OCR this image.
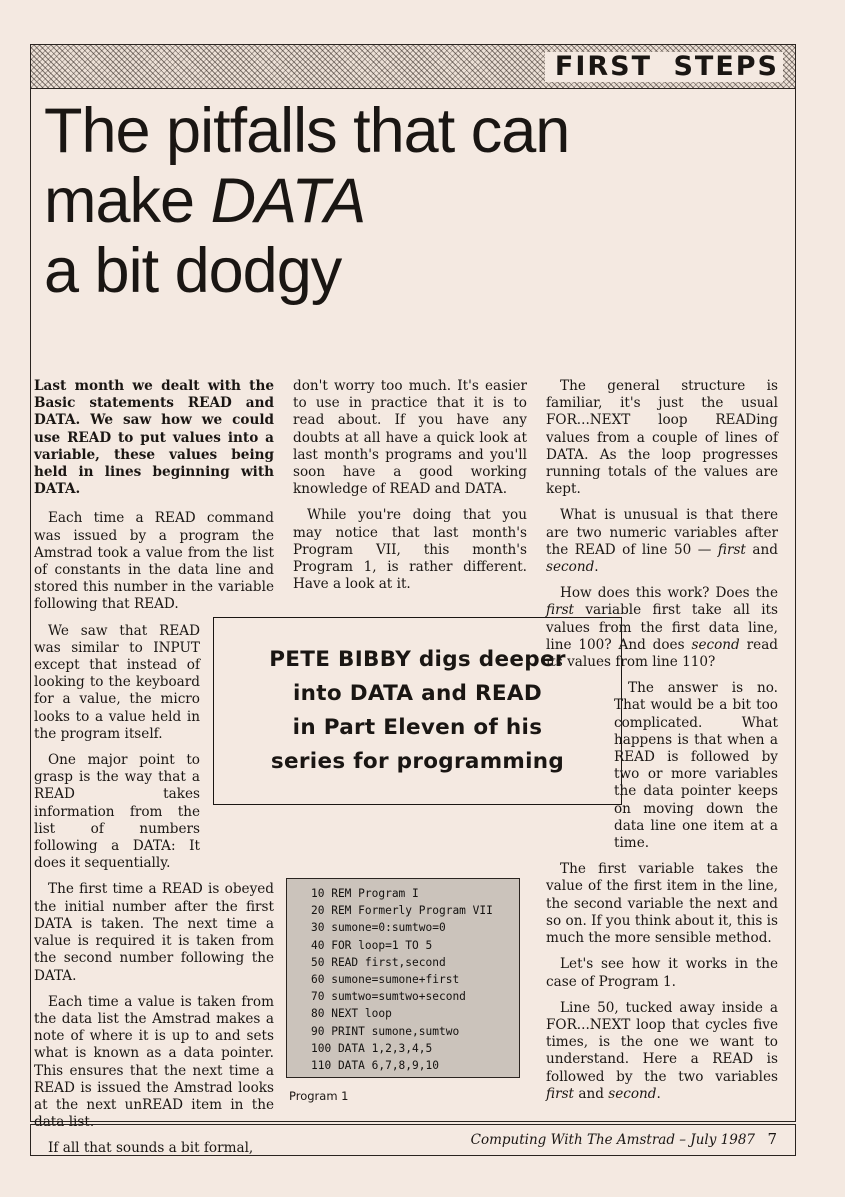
FIRST STEPS
The pitfalls that can
make DATA
a bit dodgy

Last month we dealt with the Basic statements READ and DATA. We saw how we could use READ to put values into a variable, these values being held in lines beginning with DATA.

Each time a READ command was issued by a program the Amstrad took a value from the list of constants in the data line and stored this number in the variable following that READ.

We saw that READ was similar to INPUT except that instead of looking to the keyboard for a value, the micro looks to a value held in the program itself.

One major point to grasp is the way that a READ takes information from the list of numbers following a DATA: It does it sequentially.

The first time a READ is obeyed the initial number after the first DATA is taken. The next time a value is required it is taken from the second number following the DATA.

Each time a value is taken from the data list the Amstrad makes a note of where it is up to and sets what is known as a data pointer. This ensures that the next time a READ is issued the Amstrad looks at the next unREAD item in the data list.

If all that sounds a bit formal,

don't worry too much. It's easier to use in practice that it is to read about. If you have any doubts at all have a quick look at last month's programs and you'll soon have a good working knowledge of READ and DATA.

While you're doing that you may notice that last month's Program VII, this month's Program 1, is rather different. Have a look at it.

PETE BIBBY digs deeper
into DATA and READ
in Part Eleven of his
series for programming
10 REM Program I
20 REM Formerly Program VII
30 sumone=0:sumtwo=0
40 FOR loop=1 TO 5
50 READ first,second
60 sumone=sumone+first
70 sumtwo=sumtwo+second
80 NEXT loop
90 PRINT sumone,sumtwo
100 DATA 1,2,3,4,5
110 DATA 6,7,8,9,10
Program 1

The general structure is familiar, it's just the usual FOR...NEXT loop READing values from a couple of lines of DATA. As the loop progresses running totals of the values are kept.

What is unusual is that there are two numeric variables after the READ of line 50 — first and second.

How does this work? Does the first variable first take all its values from the first data line, line 100? And does second read its values from line 110?

The answer is no. That would be a bit too complicated. What happens is that when a READ is followed by two or more variables the data pointer keeps on moving down the data line one item at a time.

The first variable takes the value of the first item in the line, the second variable the next and so on. If you think about it, this is much the more sensible method.

Let's see how it works in the case of Program 1.

Line 50, tucked away inside a FOR...NEXT loop that cycles five times, is the one we want to understand. Here a READ is followed by the two variables first and second.

Computing With The Amstrad – July 1987 7
